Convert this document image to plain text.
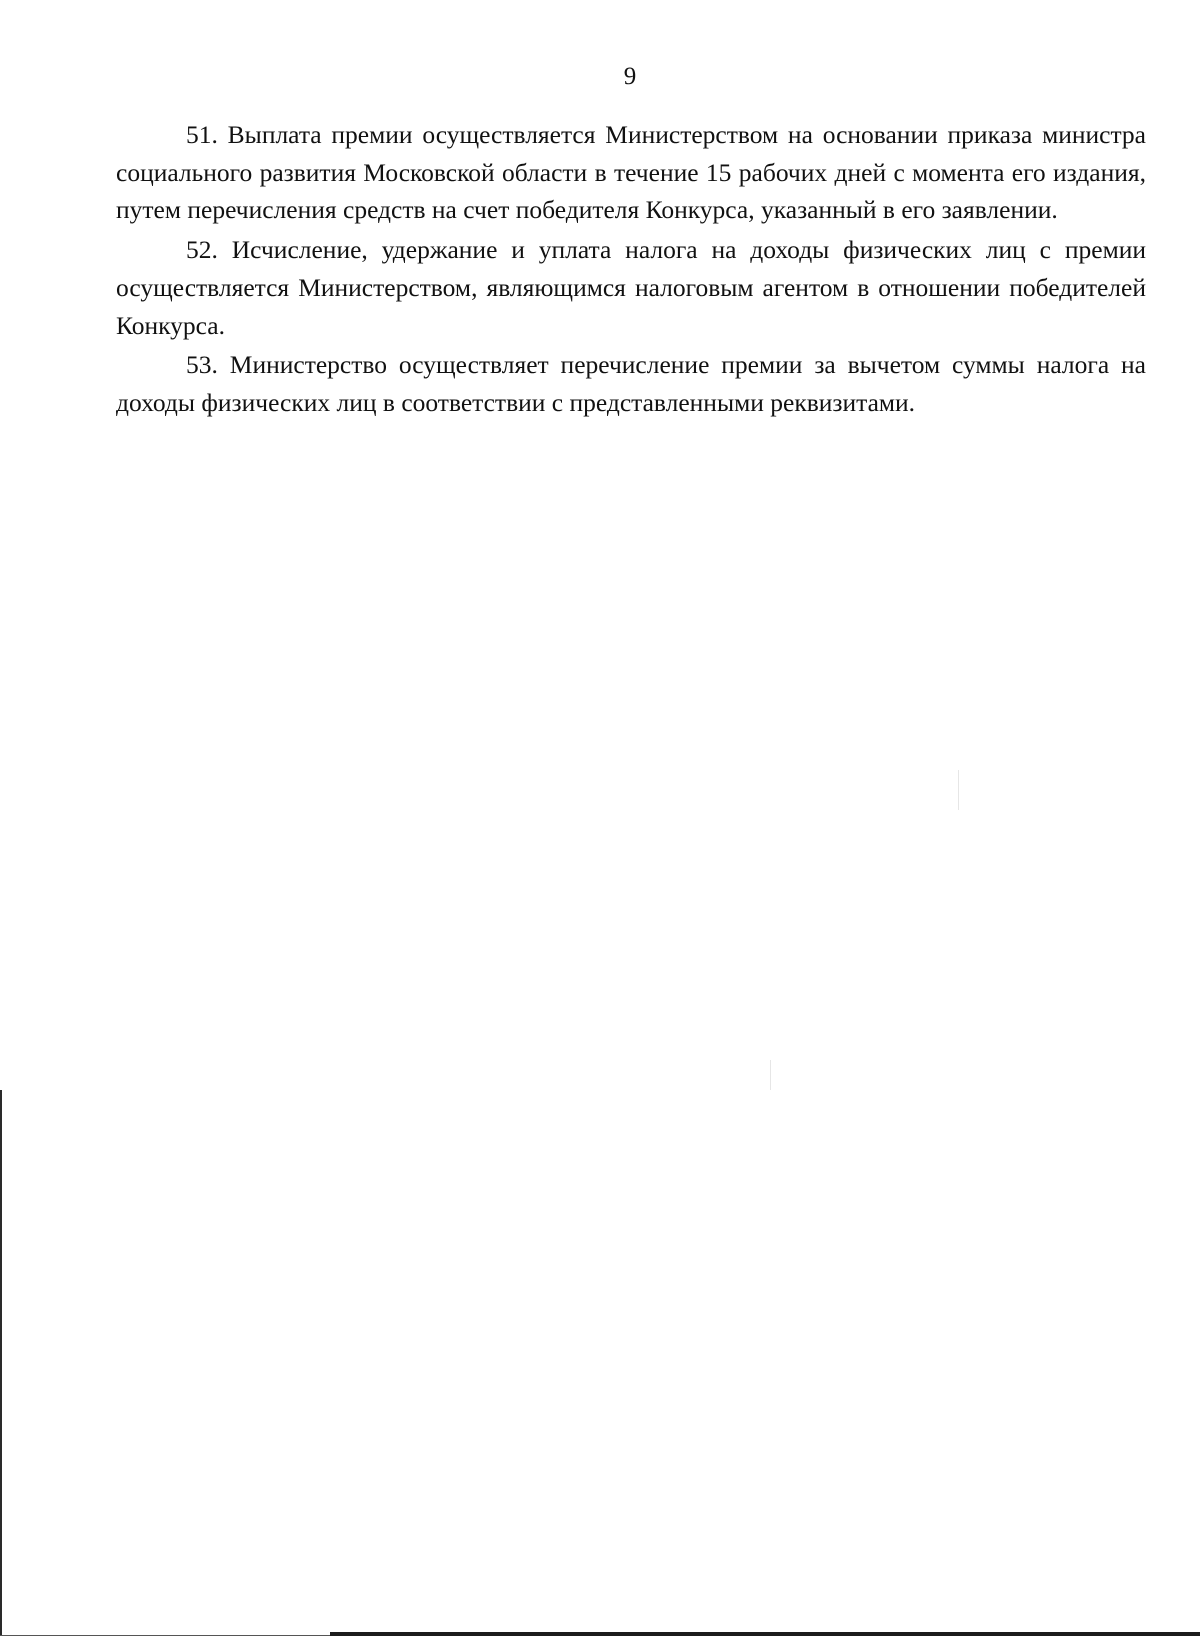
9

51. Выплата премии осуществляется Министерством на основании приказа министра социального развития Московской области в течение 15 рабочих дней с момента его издания, путем перечисления средств на счет победителя Конкурса, указанный в его заявлении.

52. Исчисление, удержание и уплата налога на доходы физических лиц с премии осуществляется Министерством, являющимся налоговым агентом в отношении победителей Конкурса.

53. Министерство осуществляет перечисление премии за вычетом суммы налога на доходы физических лиц в соответствии с представленными реквизитами.
